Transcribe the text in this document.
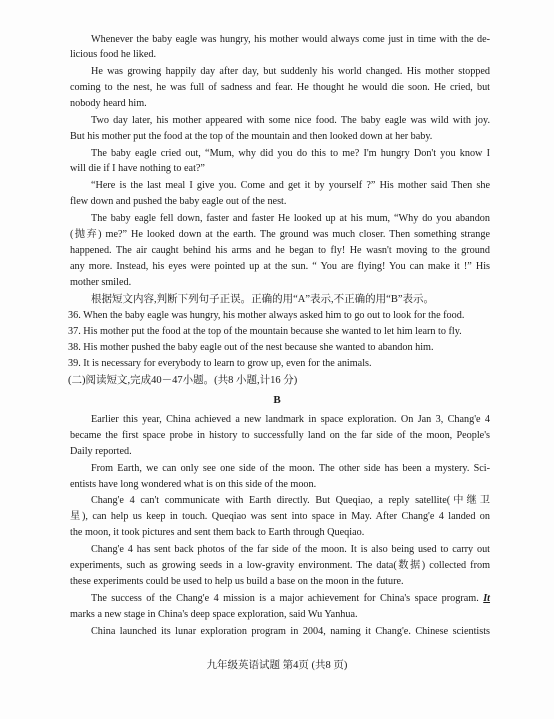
Whenever the baby eagle was hungry, his mother would always come just in time with the de-
licious food he liked.
He was growing happily day after day, but suddenly his world changed. His mother stopped
coming to the nest, he was full of sadness and fear. He thought he would die soon. He cried, but
nobody heard him.
Two day later, his mother appeared with some nice food. The baby eagle was wild with joy.
But his mother put the food at the top of the mountain and then looked down at her baby.
The baby eagle cried out, “Mum, why did you do this to me? I'm hungry Don't you know I
will die if I have nothing to eat?”
“Here is the last meal I give you. Come and get it by yourself ?” His mother said Then she
flew down and pushed the baby eagle out of the nest.
The baby eagle fell down, faster and faster He looked up at his mum, “Why do you abandon
(抛弃) me?” He looked down at the earth. The ground was much closer. Then something strange
happened. The air caught behind his arms and he began to fly! He wasn't moving to the ground
any more. Instead, his eyes were pointed up at the sun. “ You are flying! You can make it !” His
mother smiled.
根据短文内容,判断下列句子正误。正确的用“A”表示,不正确的用“B”表示。
36. When the baby eagle was hungry, his mother always asked him to go out to look for the food.
37. His mother put the food at the top of the mountain because she wanted to let him learn to fly.
38. His mother pushed the baby eagle out of the nest because she wanted to abandon him.
39. It is necessary for everybody to learn to grow up, even for the animals.
(二)阅读短文,完成40－47小题。(共8 小题,计16 分)
B
Earlier this year, China achieved a new landmark in space exploration. On Jan 3, Chang'e 4
became the first space probe in history to successfully land on the far side of the moon, People's
Daily reported.
From Earth, we can only see one side of the moon. The other side has been a mystery. Sci-
entists have long wondered what is on this side of the moon.
Chang'e 4 can't communicate with Earth directly. But Queqiao, a reply satellite(中继卫
星), can help us keep in touch. Queqiao was sent into space in May. After Chang'e 4 landed on
the moon, it took pictures and sent them back to Earth through Queqiao.
Chang'e 4 has sent back photos of the far side of the moon. It is also being used to carry out
experiments, such as growing seeds in a low-gravity environment. The data(数据) collected from
these experiments could be used to help us build a base on the moon in the future.
The success of the Chang'e 4 mission is a major achievement for China's space program. It
marks a new stage in China's deep space exploration, said Wu Yanhua.
China launched its lunar exploration program in 2004, naming it Chang'e. Chinese scientists
九年级英语试题 第4页 (共8 页)
